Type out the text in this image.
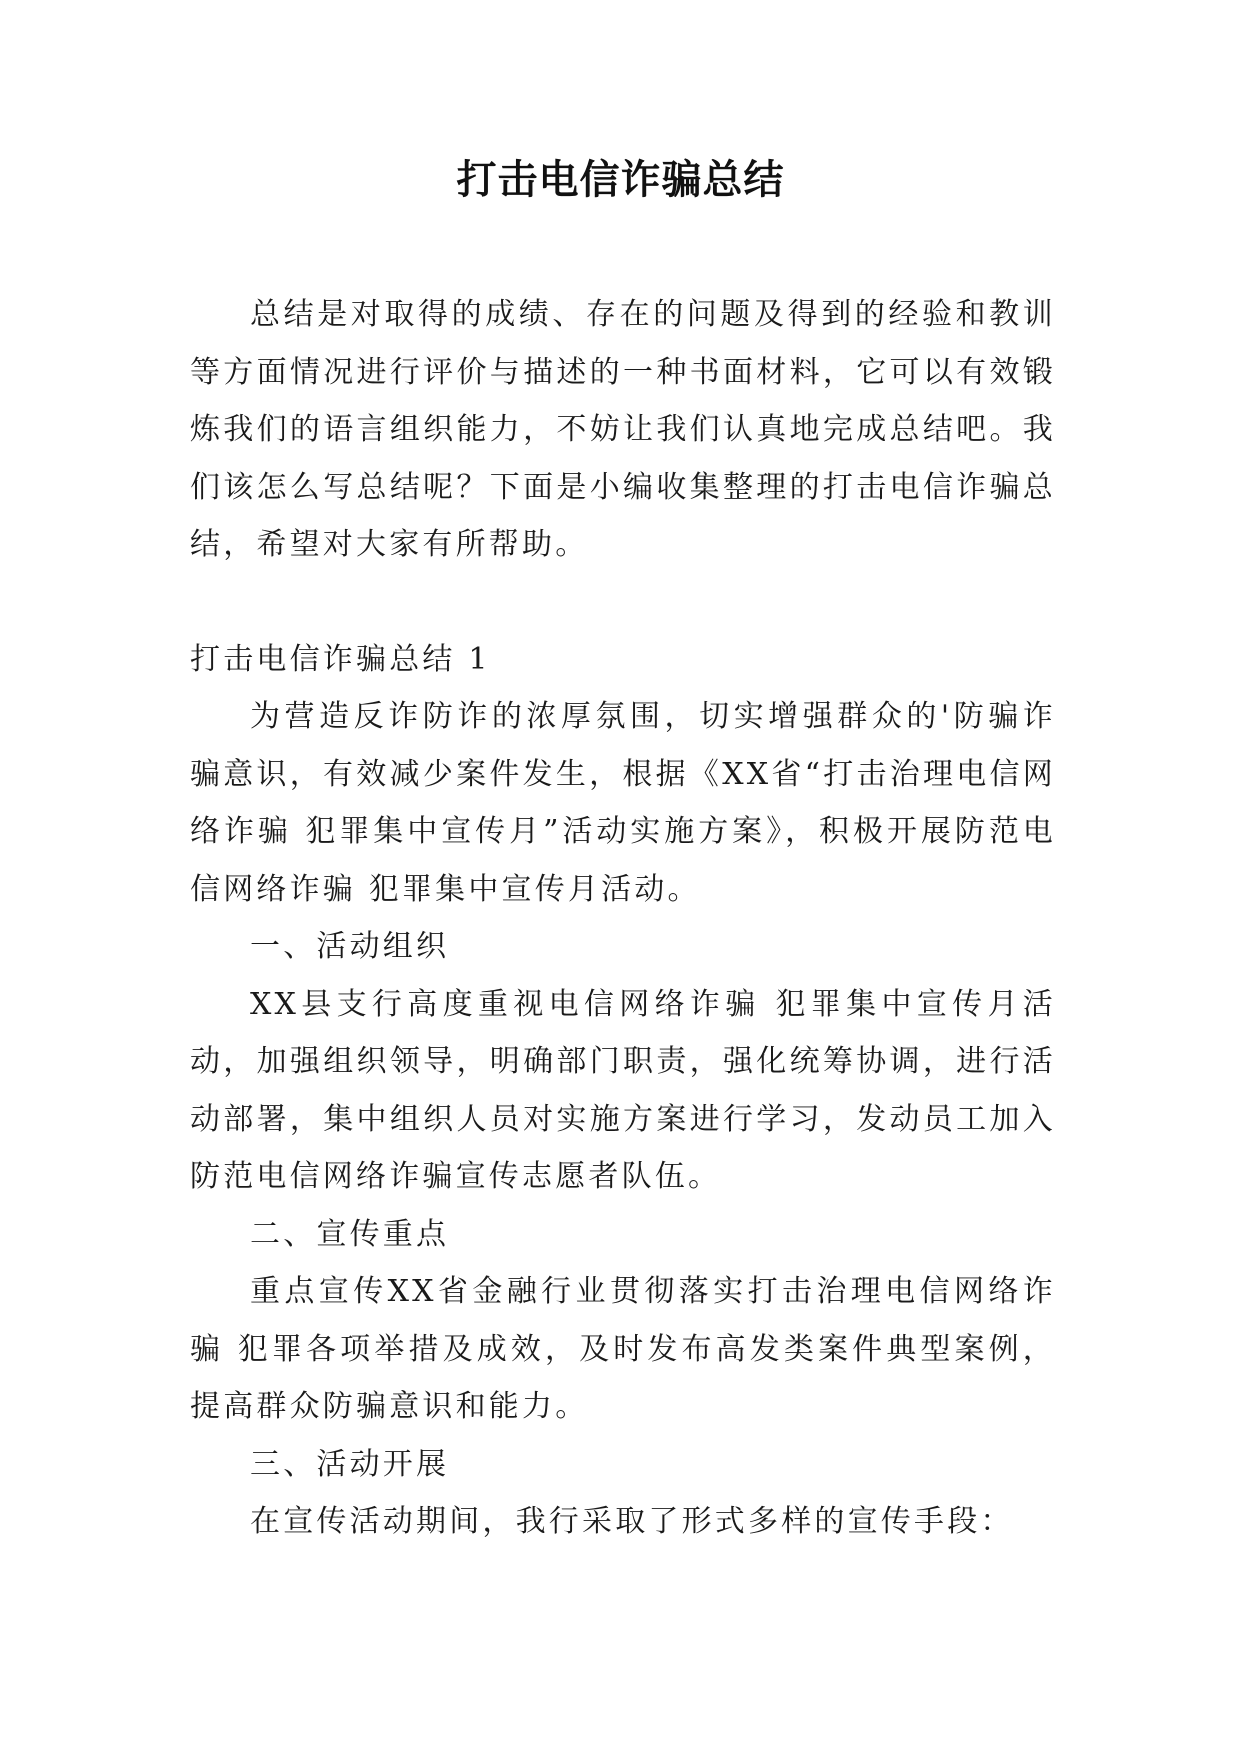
打击电信诈骗总结

总结是对取得的成绩、存在的问题及得到的经验和教训等方面情况进行评价与描述的一种书面材料，它可以有效锻炼我们的语言组织能力，不妨让我们认真地完成总结吧。我们该怎么写总结呢？下面是小编收集整理的打击电信诈骗总结，希望对大家有所帮助。

打击电信诈骗总结 1

为营造反诈防诈的浓厚氛围，切实增强群众的'防骗诈骗意识，有效减少案件发生，根据《XX省“打击治理电信网络诈骗 犯罪集中宣传月”活动实施方案》，积极开展防范电信网络诈骗 犯罪集中宣传月活动。

一、活动组织

XX县支行高度重视电信网络诈骗 犯罪集中宣传月活动，加强组织领导，明确部门职责，强化统筹协调，进行活动部署，集中组织人员对实施方案进行学习，发动员工加入防范电信网络诈骗宣传志愿者队伍。

二、宣传重点

重点宣传XX省金融行业贯彻落实打击治理电信网络诈骗 犯罪各项举措及成效，及时发布高发类案件典型案例，提高群众防骗意识和能力。

三、活动开展

在宣传活动期间，我行采取了形式多样的宣传手段：
